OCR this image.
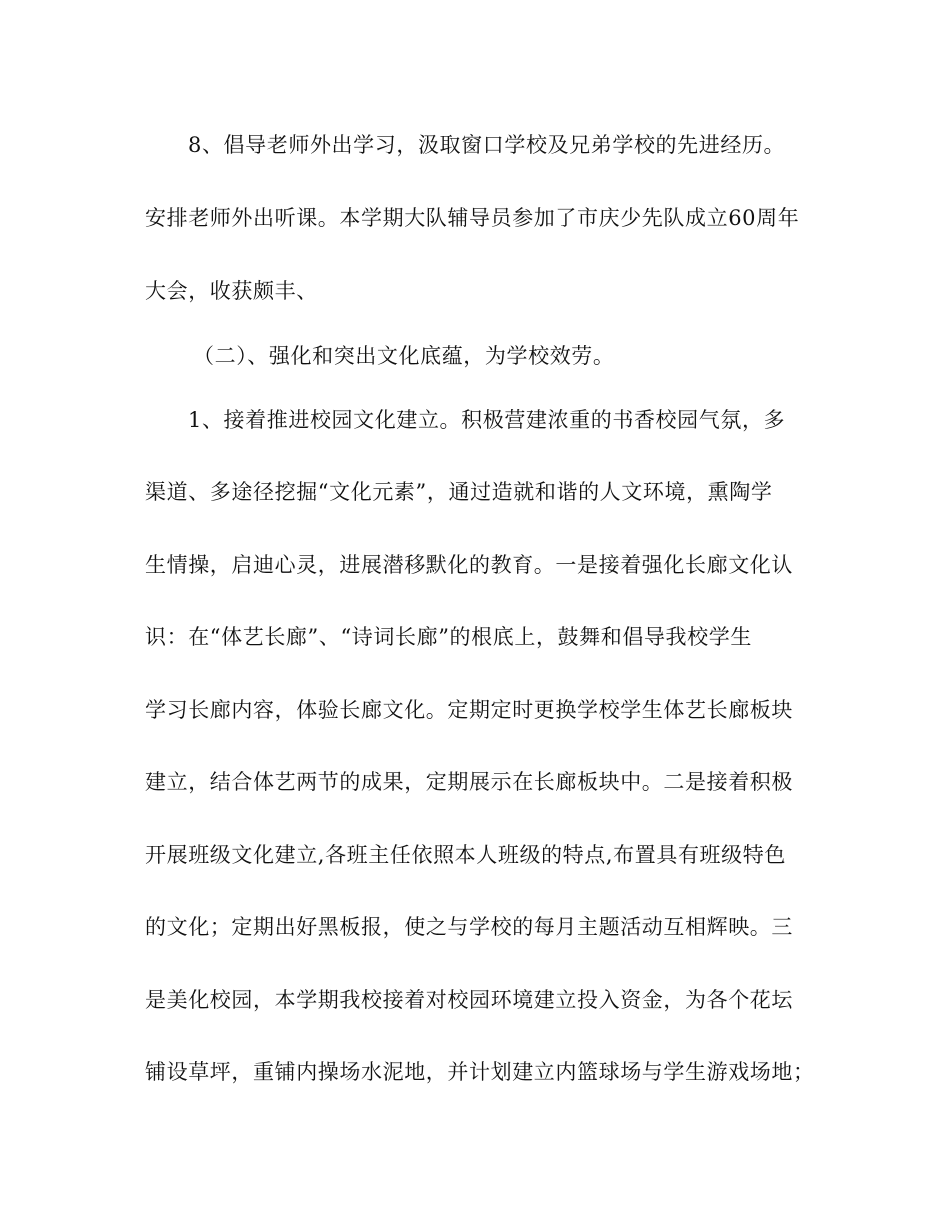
8、倡导老师外出学习，汲取窗口学校及兄弟学校的先进经历。
安排老师外出听课。本学期大队辅导员参加了市庆少先队成立60周年
大会，收获颇丰、
（二）、强化和突出文化底蕴，为学校效劳。
1、接着推进校园文化建立。积极营建浓重的书香校园气氛，多
渠道、多途径挖掘“文化元素”，通过造就和谐的人文环境，熏陶学
生情操，启迪心灵，进展潜移默化的教育。一是接着强化长廊文化认
识：在“体艺长廊”、“诗词长廊”的根底上，鼓舞和倡导我校学生
学习长廊内容，体验长廊文化。定期定时更换学校学生体艺长廊板块
建立，结合体艺两节的成果，定期展示在长廊板块中。二是接着积极
开展班级文化建立,各班主任依照本人班级的特点,布置具有班级特色
的文化；定期出好黑板报，使之与学校的每月主题活动互相辉映。三
是美化校园，本学期我校接着对校园环境建立投入资金，为各个花坛
铺设草坪，重铺内操场水泥地，并计划建立内篮球场与学生游戏场地；
